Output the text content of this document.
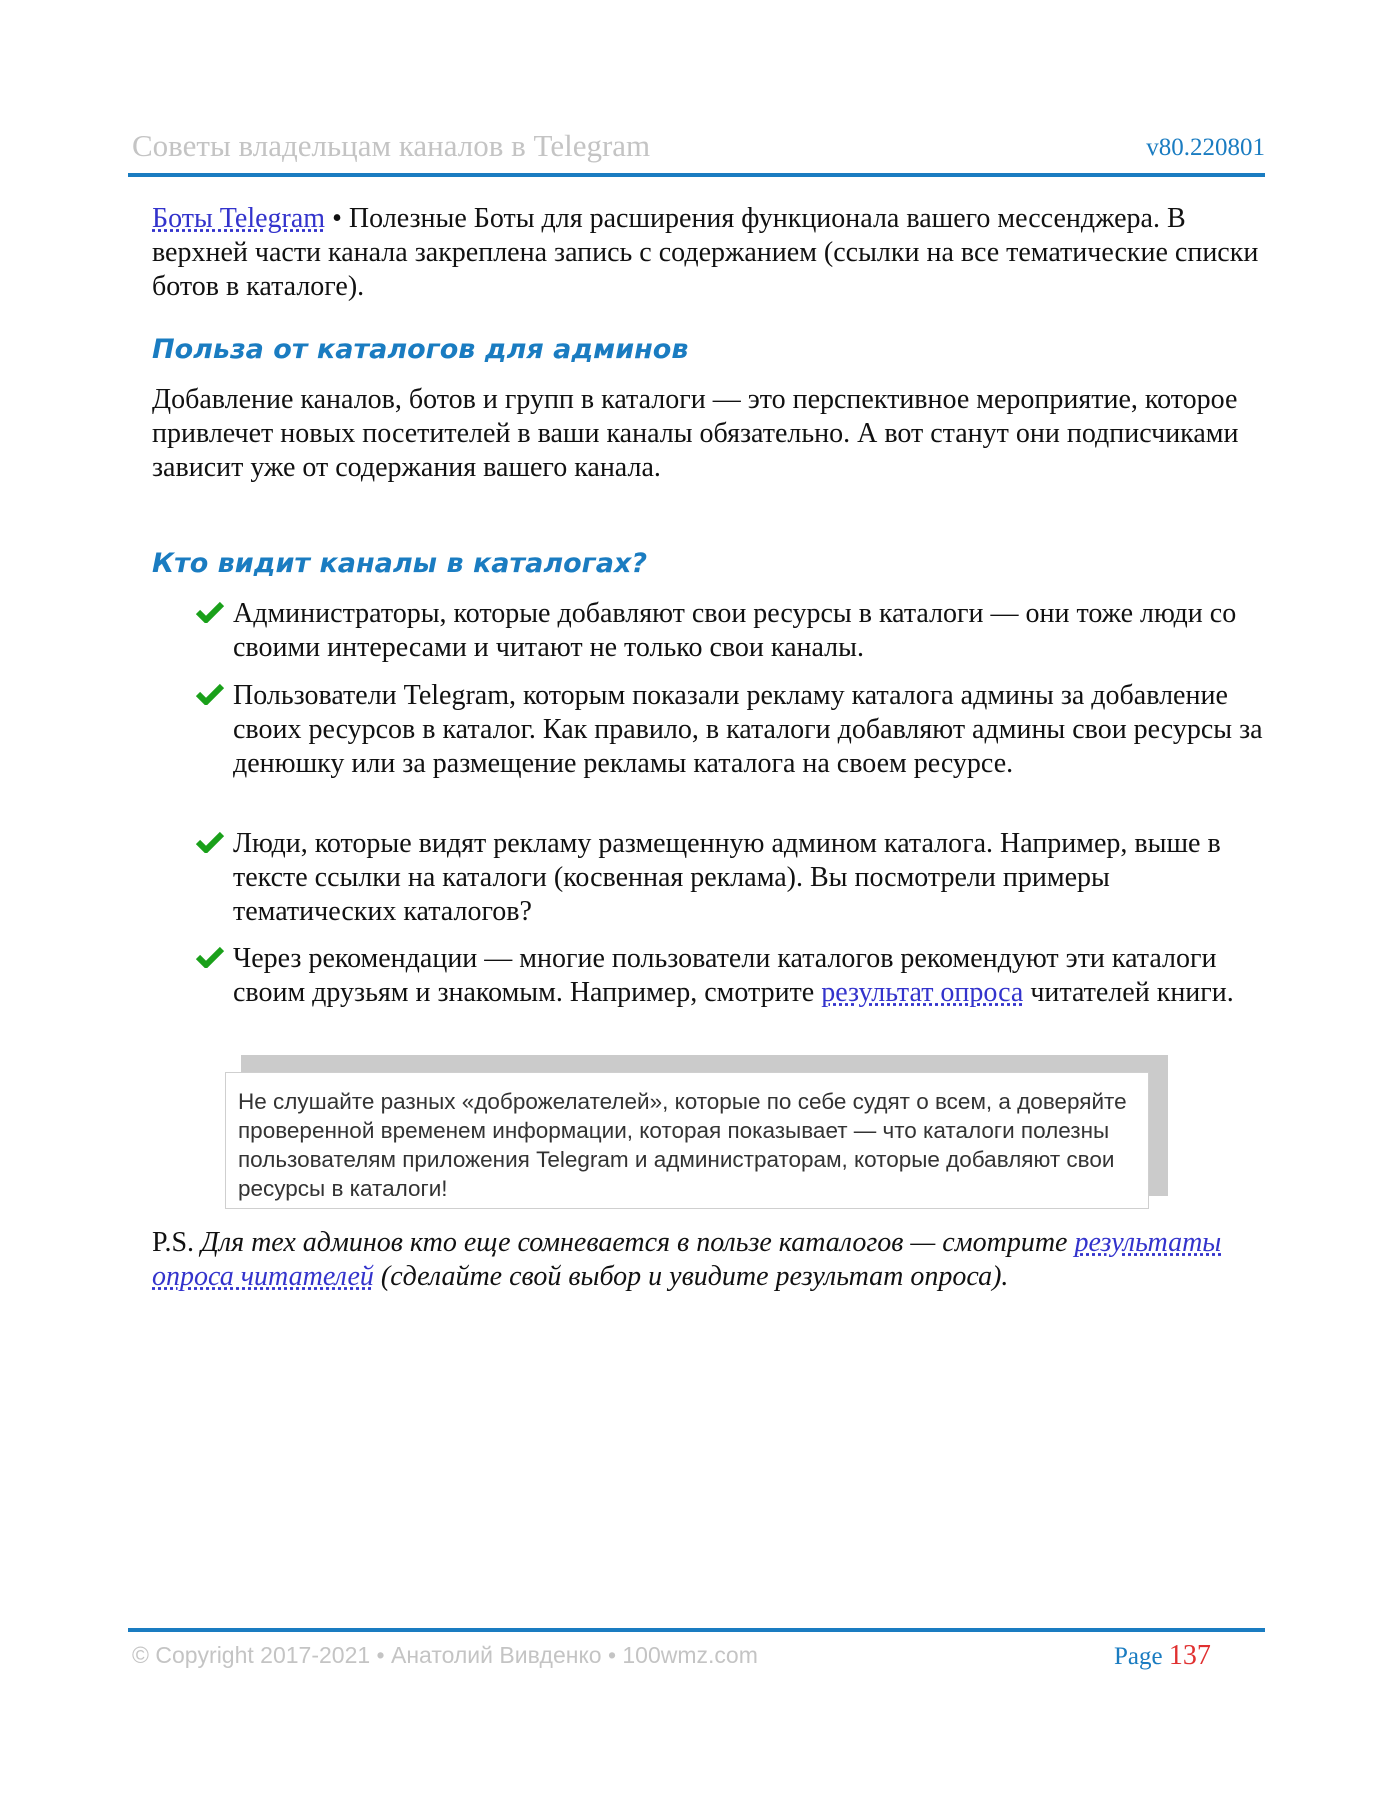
Советы владельцам каналов в Telegram	v80.220801
Боты Telegram • Полезные Боты для расширения функционала вашего мессенджера. В верхней части канала закреплена запись с содержанием (ссылки на все тематические списки ботов в каталоге).
Польза от каталогов для админов
Добавление каналов, ботов и групп в каталоги — это перспективное мероприятие, которое привлечет новых посетителей в ваши каналы обязательно. А вот станут они подписчиками зависит уже от содержания вашего канала.
Кто видит каналы в каталогах?
Администраторы, которые добавляют свои ресурсы в каталоги — они тоже люди со своими интересами и читают не только свои каналы.
Пользователи Telegram, которым показали рекламу каталога админы за добавление своих ресурсов в каталог. Как правило, в каталоги добавляют админы свои ресурсы за денюшку или за размещение рекламы каталога на своем ресурсе.
Люди, которые видят рекламу размещенную админом каталога. Например, выше в тексте ссылки на каталоги (косвенная реклама). Вы посмотрели примеры тематических каталогов?
Через рекомендации — многие пользователи каталогов рекомендуют эти каталоги своим друзьям и знакомым. Например, смотрите результат опроса читателей книги.
Не слушайте разных «доброжелателей», которые по себе судят о всем, а доверяйте проверенной временем информации, которая показывает — что каталоги полезны пользователям приложения Telegram и администраторам, которые добавляют свои ресурсы в каталоги!
P.S. Для тех админов кто еще сомневается в пользе каталогов — смотрите результаты опроса читателей (сделайте свой выбор и увидите результат опроса).
© Copyright 2017-2021 • Анатолий Вивденко • 100wmz.com	Page 137
